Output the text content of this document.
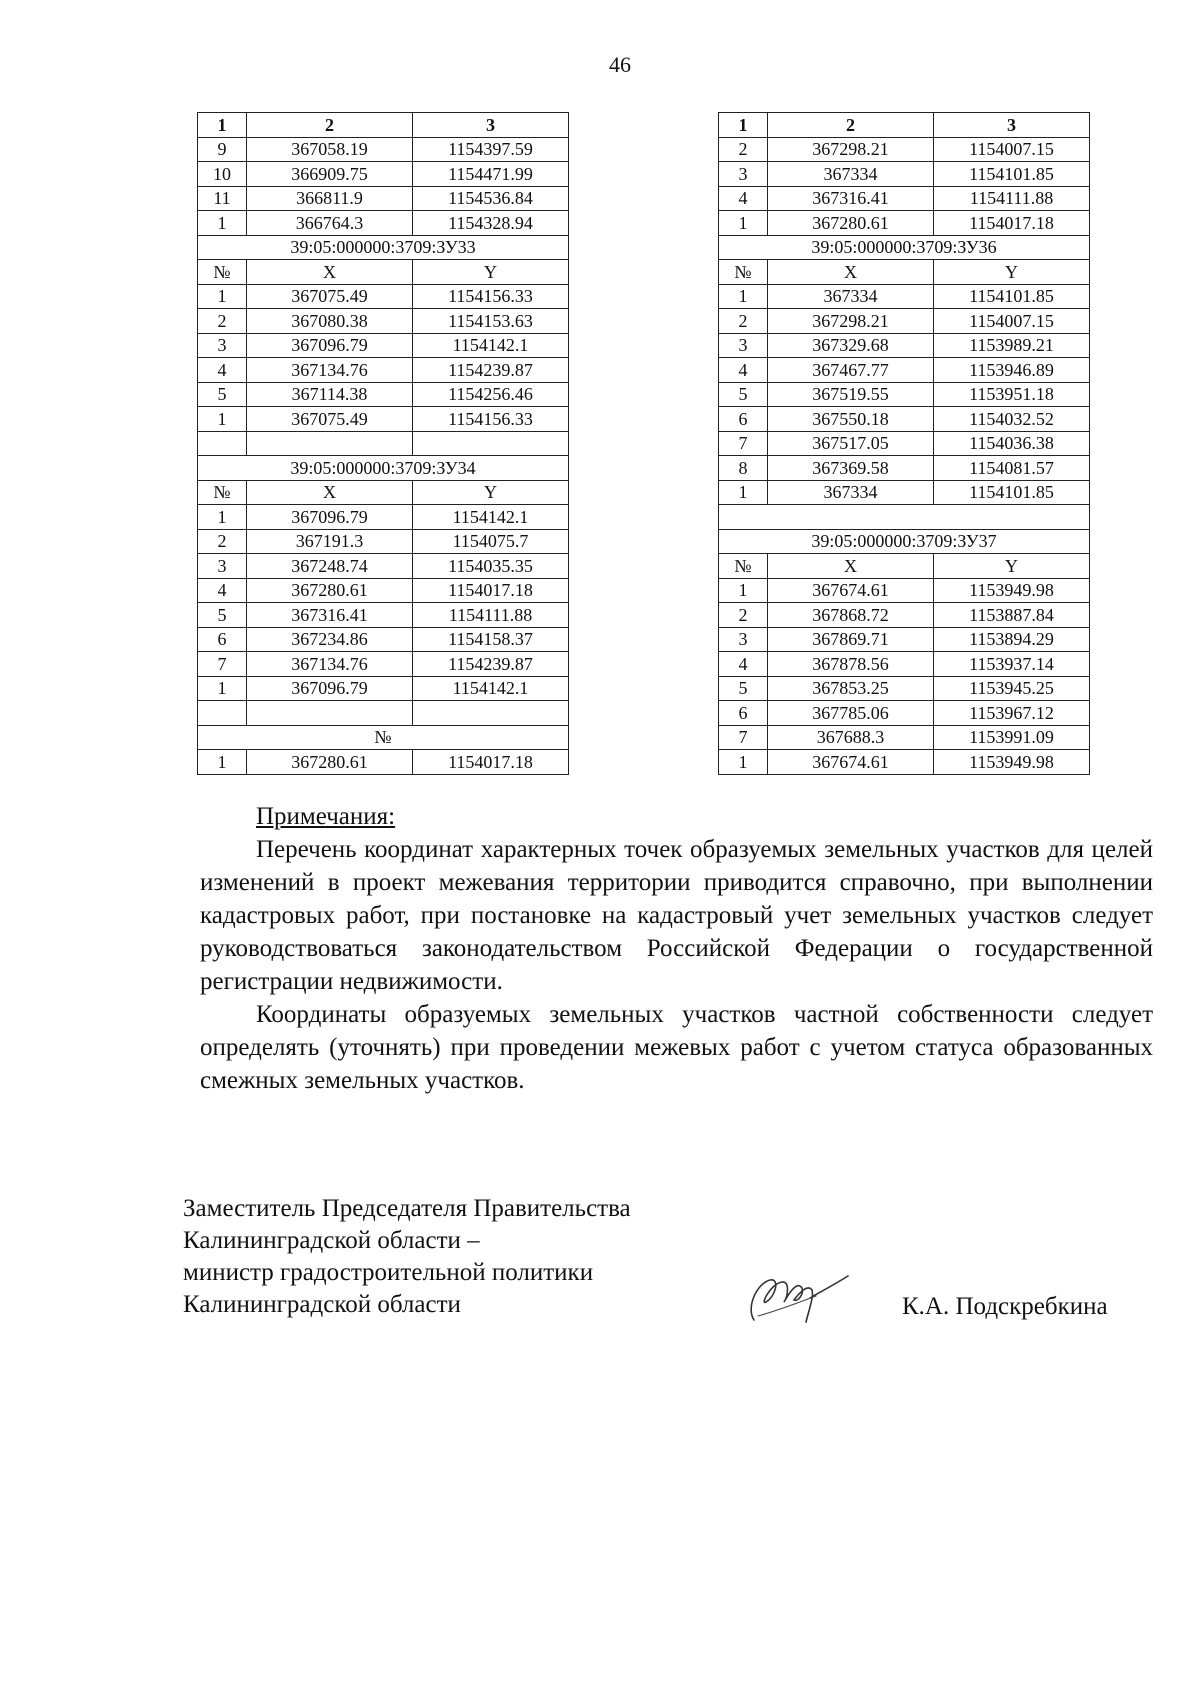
46
1	2	3
9	367058.19	1154397.59
10	366909.75	1154471.99
11	366811.9	1154536.84
1	366764.3	1154328.94
39:05:000000:3709:ЗУ33		
№	X	Y
1	367075.49	1154156.33
2	367080.38	1154153.63
3	367096.79	1154142.1
4	367134.76	1154239.87
5	367114.38	1154256.46
1	367075.49	1154156.33

39:05:000000:3709:ЗУ34		
№	X	Y
1	367096.79	1154142.1
2	367191.3	1154075.7
3	367248.74	1154035.35
4	367280.61	1154017.18
5	367316.41	1154111.88
6	367234.86	1154158.37
7	367134.76	1154239.87
1	367096.79	1154142.1

№		
1	367280.61	1154017.18
1	2	3
2	367298.21	1154007.15
3	367334	1154101.85
4	367316.41	1154111.88
1	367280.61	1154017.18
39:05:000000:3709:ЗУ36		
№	X	Y
1	367334	1154101.85
2	367298.21	1154007.15
3	367329.68	1153989.21
4	367467.77	1153946.89
5	367519.55	1153951.18
6	367550.18	1154032.52
7	367517.05	1154036.38
8	367369.58	1154081.57
1	367334	1154101.85

39:05:000000:3709:ЗУ37		
№	X	Y
1	367674.61	1153949.98
2	367868.72	1153887.84
3	367869.71	1153894.29
4	367878.56	1153937.14
5	367853.25	1153945.25
6	367785.06	1153967.12
7	367688.3	1153991.09
1	367674.61	1153949.98
Примечания:

Перечень координат характерных точек образуемых земельных участков для целей изменений в проект межевания территории приводится справочно, при выполнении кадастровых работ, при постановке на кадастровый учет земельных участков следует руководствоваться законодательством Российской Федерации о государственной регистрации недвижимости.

Координаты образуемых земельных участков частной собственности следует определять (уточнять) при проведении межевых работ с учетом статуса образованных смежных земельных участков.

Заместитель Председателя Правительства
Калининградской области –
министр градостроительной политики
Калининградской области	К.А. Подскребкина
